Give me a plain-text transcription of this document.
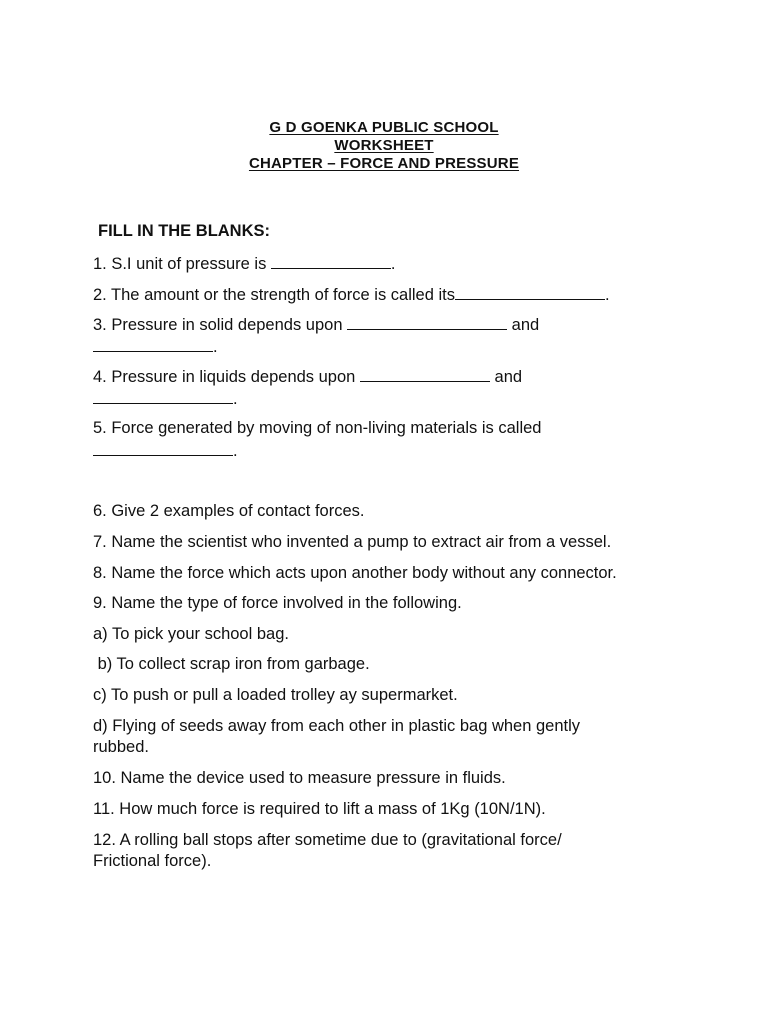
G D GOENKA PUBLIC SCHOOL
WORKSHEET
CHAPTER – FORCE AND PRESSURE
FILL IN THE BLANKS:
1. S.I unit of pressure is	.
2. The amount or the strength of force is called its	.
3. Pressure in solid depends upon	and
.
4. Pressure in liquids depends upon	and
.
5. Force generated by moving of non-living materials is called
.
6. Give 2 examples of contact forces.
7. Name the scientist who invented a pump to extract air from a vessel.
8. Name the force which acts upon another body without any connector.
9. Name the type of force involved in the following.
a) To pick your school bag.
b) To collect scrap iron from garbage.
c) To push or pull a loaded trolley ay supermarket.
d) Flying of seeds away from each other in plastic bag when gently
rubbed.
10. Name the device used to measure pressure in fluids.
11. How much force is required to lift a mass of 1Kg (10N/1N).
12. A rolling ball stops after sometime due to (gravitational force/
Frictional force).
